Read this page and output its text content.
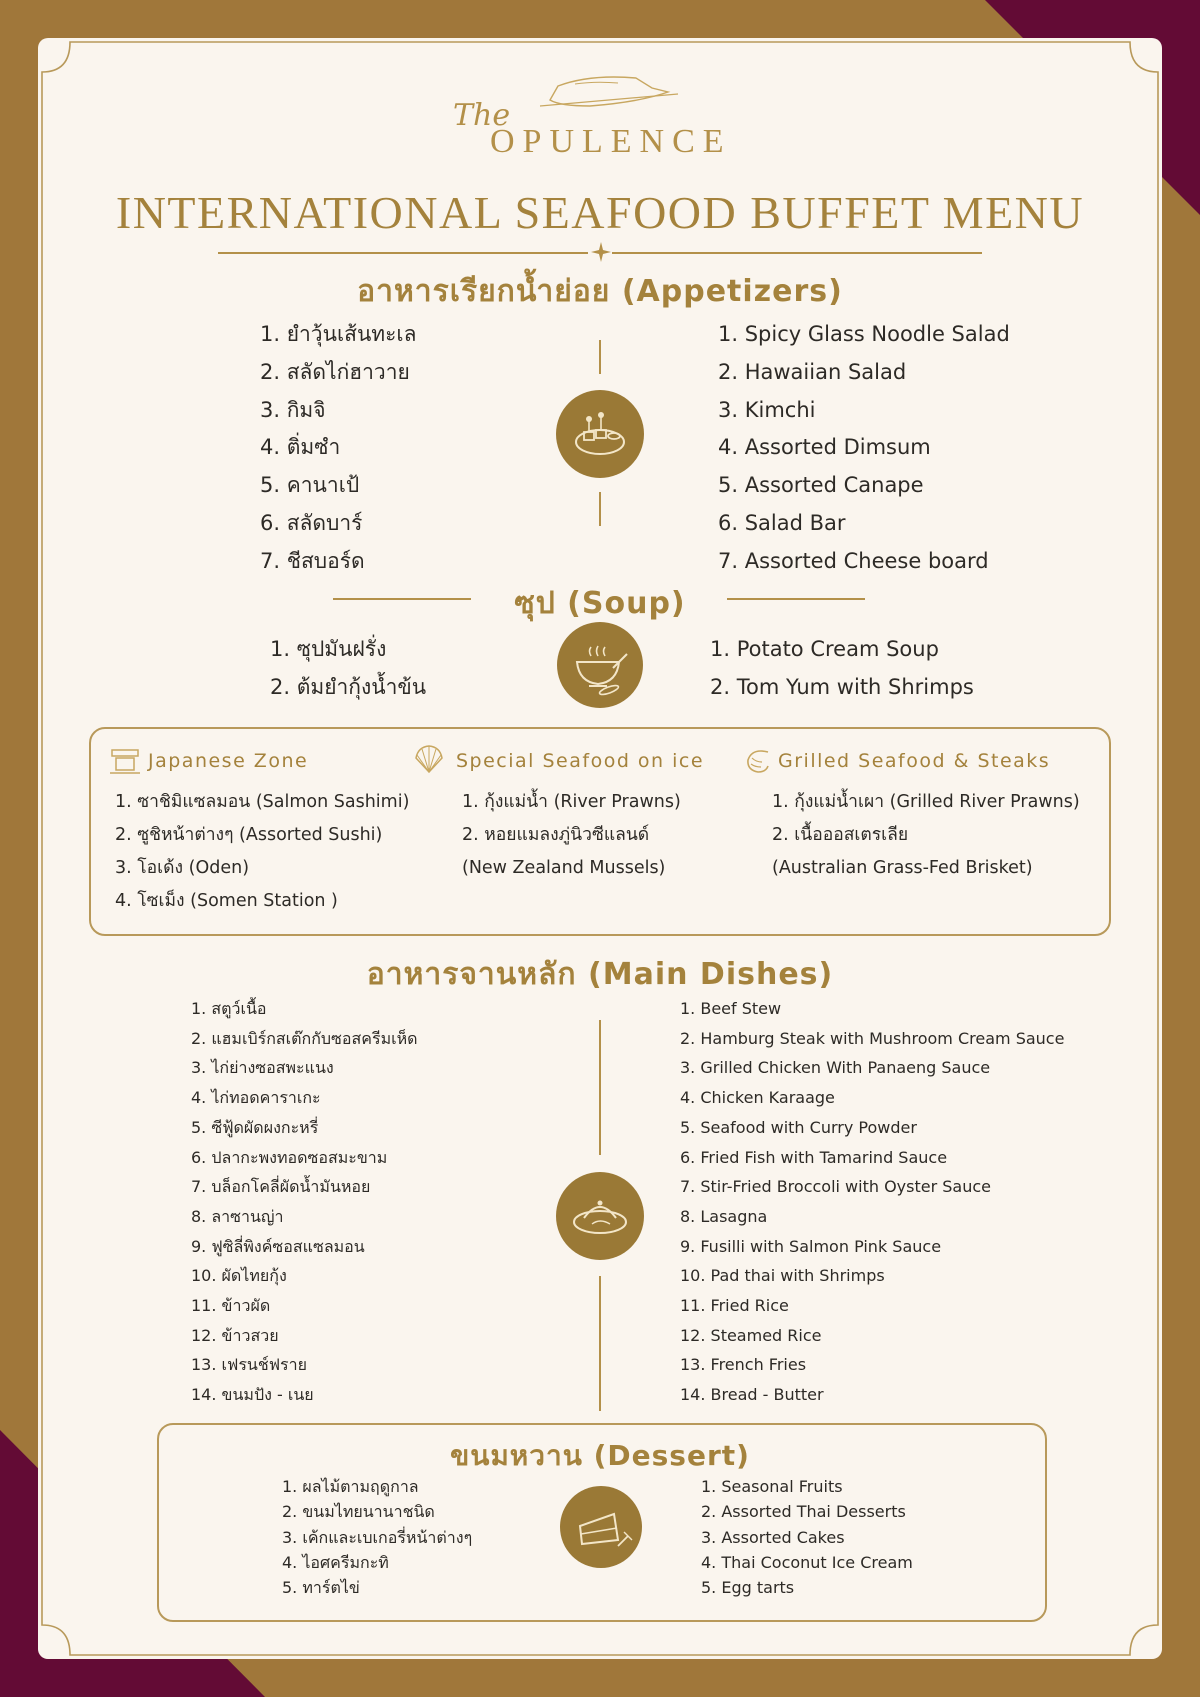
The
OPULENCE
INTERNATIONAL SEAFOOD BUFFET MENU
อาหารเรียกน้ำย่อย (Appetizers)
1. ยำวุ้นเส้นทะเล
2. สลัดไก่ฮาวาย
3. กิมจิ
4. ติ่มซำ
5. คานาเป้
6. สลัดบาร์
7. ชีสบอร์ด
1. Spicy Glass Noodle Salad
2. Hawaiian Salad
3. Kimchi
4. Assorted Dimsum
5. Assorted Canape
6. Salad Bar
7. Assorted Cheese board
ซุป (Soup)
1. ซุปมันฝรั่ง
2. ต้มยำกุ้งน้ำข้น
1. Potato Cream Soup
2. Tom Yum with Shrimps
Japanese Zone
1. ซาชิมิแซลมอน (Salmon Sashimi)
2. ซูชิหน้าต่างๆ (Assorted Sushi)
3. โอเด้ง (Oden)
4. โซเม็ง (Somen Station )
Special Seafood on ice
1. กุ้งแม่น้ำ (River Prawns)
2. หอยแมลงภู่นิวซีแลนด์
(New Zealand Mussels)
Grilled Seafood & Steaks
1. กุ้งแม่น้ำเผา (Grilled River Prawns)
2. เนื้อออสเตรเลีย
(Australian Grass-Fed Brisket)
อาหารจานหลัก (Main Dishes)
1. สตูว์เนื้อ
2. แฮมเบิร์กสเต๊กกับซอสครีมเห็ด
3. ไก่ย่างซอสพะแนง
4. ไก่ทอดคาราเกะ
5. ซีฟู้ดผัดผงกะหรี่
6. ปลากะพงทอดซอสมะขาม
7. บล็อกโคลี่ผัดน้ำมันหอย
8. ลาซานญ่า
9. ฟูซิลี่พิงค์ซอสแซลมอน
10. ผัดไทยกุ้ง
11. ข้าวผัด
12. ข้าวสวย
13. เฟรนช์ฟราย
14. ขนมปัง - เนย
1. Beef Stew
2. Hamburg Steak with Mushroom Cream Sauce
3. Grilled Chicken With Panaeng Sauce
4. Chicken Karaage
5. Seafood with Curry Powder
6. Fried Fish with Tamarind Sauce
7. Stir-Fried Broccoli with Oyster Sauce
8. Lasagna
9. Fusilli with Salmon Pink Sauce
10. Pad thai with Shrimps
11. Fried Rice
12. Steamed Rice
13. French Fries
14. Bread - Butter
ขนมหวาน (Dessert)
1. ผลไม้ตามฤดูกาล
2. ขนมไทยนานาชนิด
3. เค้กและเบเกอรี่หน้าต่างๆ
4. ไอศครีมกะทิ
5. ทาร์ตไข่
1. Seasonal Fruits
2. Assorted Thai Desserts
3. Assorted Cakes
4. Thai Coconut Ice Cream
5. Egg tarts
